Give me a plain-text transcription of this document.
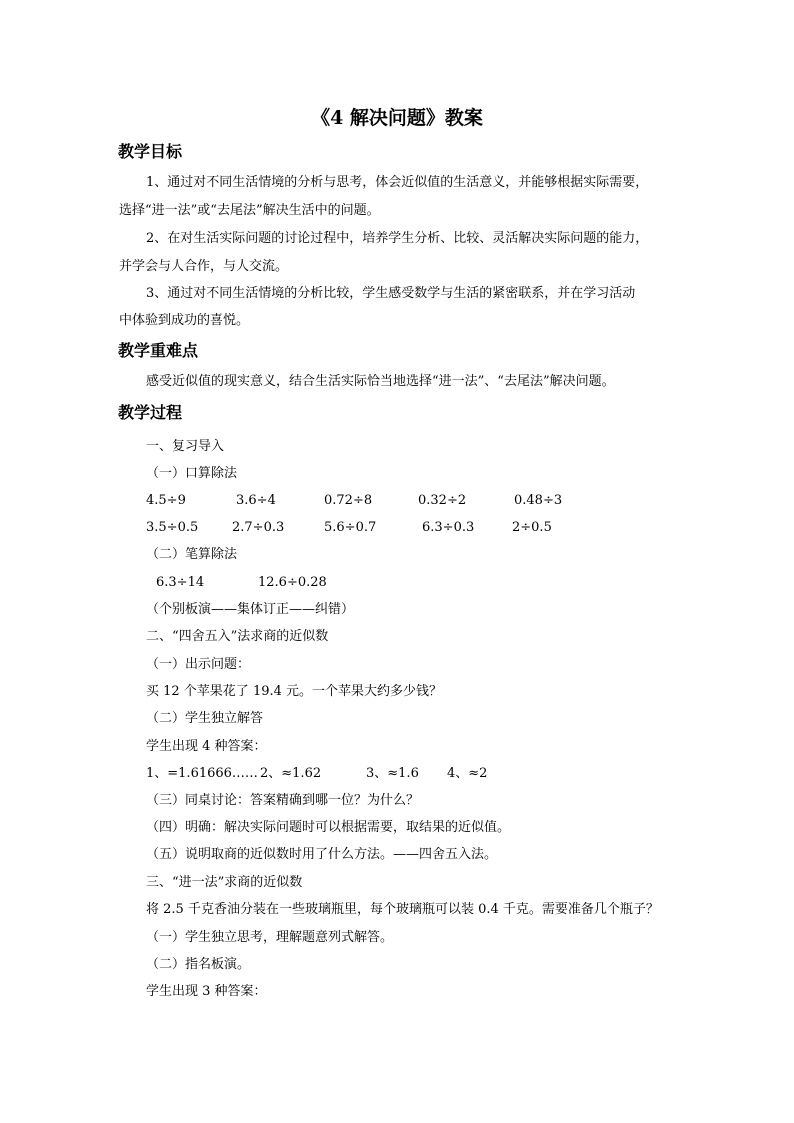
《4 解决问题》教案
教学目标
1、通过对不同生活情境的分析与思考，体会近似值的生活意义，并能够根据实际需要，
选择“进一法”或“去尾法”解决生活中的问题。
2、在对生活实际问题的讨论过程中，培养学生分析、比较、灵活解决实际问题的能力，
并学会与人合作，与人交流。
3、通过对不同生活情境的分析比较，学生感受数学与生活的紧密联系，并在学习活动
中体验到成功的喜悦。
教学重难点
感受近似值的现实意义，结合生活实际恰当地选择“进一法”、“去尾法”解决问题。
教学过程
一、复习导入
（一）口算除法
4.5÷9	3.6÷4	0.72÷8	0.32÷2	0.48÷3
3.5÷0.5	2.7÷0.3	5.6÷0.7	6.3÷0.3	2÷0.5
（二）笔算除法
6.3÷14	12.6÷0.28
（个别板演——集体订正——纠错）
二、“四舍五入”法求商的近似数
（一）出示问题：
买 12 个苹果花了 19.4 元。一个苹果大约多少钱？
（二）学生独立解答
学生出现 4 种答案：
1、=1.61666…… 2、≈1.62	3、≈1.6 4、≈2
（三）同桌讨论：答案精确到哪一位？为什么？
（四）明确：解决实际问题时可以根据需要，取结果的近似值。
（五）说明取商的近似数时用了什么方法。——四舍五入法。
三、“进一法”求商的近似数
将 2.5 千克香油分装在一些玻璃瓶里，每个玻璃瓶可以装 0.4 千克。需要准备几个瓶子？
（一）学生独立思考，理解题意列式解答。
（二）指名板演。
学生出现 3 种答案：
